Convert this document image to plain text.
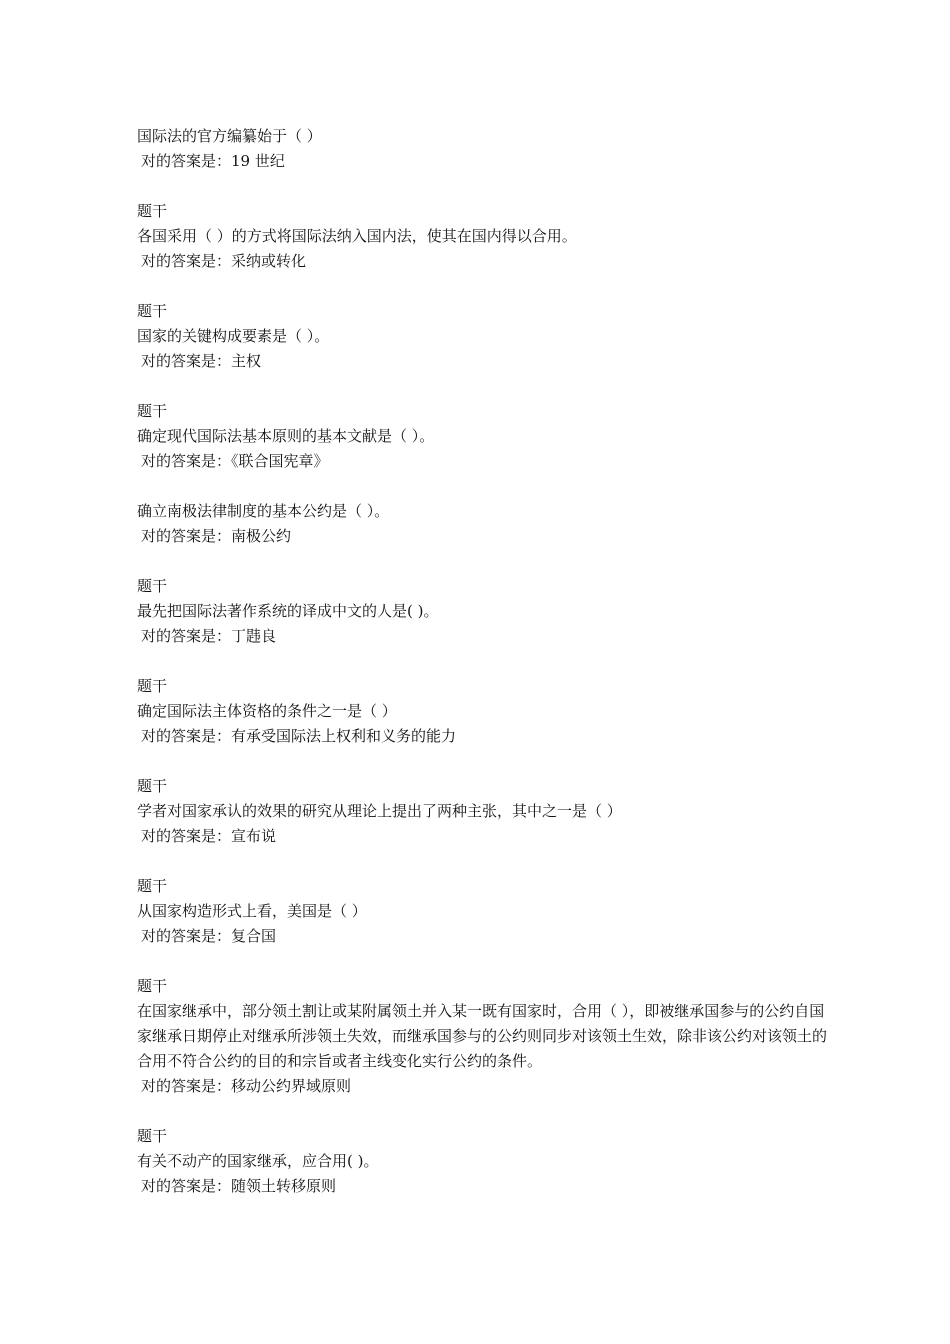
国际法的官方编纂始于（ ）
对的答案是：19 世纪
题干
各国采用（ ）的方式将国际法纳入国内法，使其在国内得以合用。
对的答案是：采纳或转化
题干
国家的关键构成要素是（ ）。
对的答案是：主权
题干
确定现代国际法基本原则的基本文献是（ ）。
对的答案是：《联合国宪章》
确立南极法律制度的基本公约是（ ）。
对的答案是：南极公约
题干
最先把国际法著作系统的译成中文的人是( )。
对的答案是：丁韪良
题干
确定国际法主体资格的条件之一是（ ）
对的答案是：有承受国际法上权利和义务的能力
题干
学者对国家承认的效果的研究从理论上提出了两种主张，其中之一是（ ）
对的答案是：宣布说
题干
从国家构造形式上看，美国是（ ）
对的答案是：复合国
题干
在国家继承中，部分领土割让或某附属领土并入某一既有国家时，合用（ ），即被继承国参与的公约自国家继承日期停止对继承所涉领土失效，而继承国参与的公约则同步对该领土生效，除非该公约对该领土的合用不符合公约的目的和宗旨或者主线变化实行公约的条件。
对的答案是：移动公约界域原则
题干
有关不动产的国家继承，应合用( )。
对的答案是：随领土转移原则
